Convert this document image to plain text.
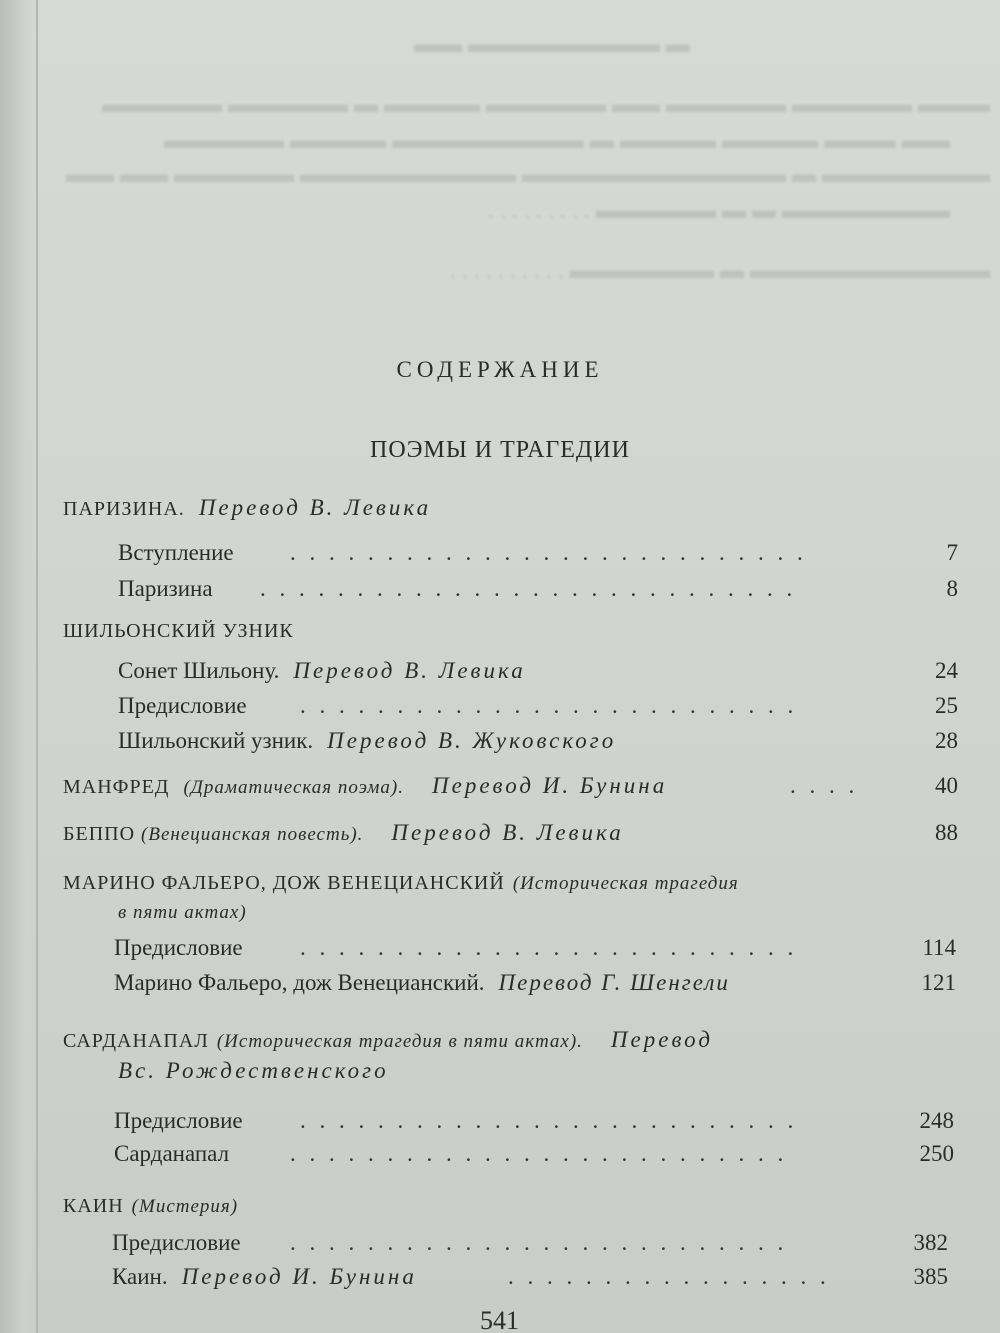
▬ ▬▬▬▬▬▬▬▬ ▬▬
▬▬▬ ▬▬▬▬▬ ▬▬▬▬▬ ▬▬ ▬▬▬▬▬ ▬▬▬▬ ▬ ▬▬▬▬▬ ▬▬▬▬▬
▬▬ ▬▬▬ ▬▬▬▬ ▬▬▬▬ ▬ ▬▬▬▬▬▬▬▬ ▬▬▬▬ ▬▬▬▬▬
▬▬▬▬▬▬▬ ▬ ▬▬▬▬▬▬▬▬▬▬▬ ▬▬▬▬▬▬▬▬▬ ▬▬▬▬▬ ▬▬ ▬▬
▬▬▬▬▬▬▬ ▬ ▬ ▬▬▬▬▬ . . . . . . . . .
▬▬▬▬▬▬▬▬▬▬ ▬ ▬▬▬▬▬▬ . . . . . . . . . .
СОДЕРЖАНИЕ
ПОЭМЫ И ТРАГЕДИИ
ПАРИЗИНА. Перевод В. Левика
Вступление . . . . . . . . . . . . . . . . . . . . . . . . . . .	7
Паризина . . . . . . . . . . . . . . . . . . . . . . . . . . . .	8
ШИЛЬОНСКИЙ УЗНИК
Сонет Шильону. Перевод В. Левика	24
Предисловие . . . . . . . . . . . . . . . . . . . . . . . . . .	25
Шильонский узник. Перевод В. Жуковского	28
МАНФРЕД (Драматическая поэма). Перевод И. Бунина	. . . .	40
БЕППО (Венецианская повесть). Перевод В. Левика	88
МАРИНО ФАЛЬЕРО, ДОЖ ВЕНЕЦИАНСКИЙ (Историческая трагедия
в пяти актах)
Предисловие . . . . . . . . . . . . . . . . . . . . . . . . . .	114
Марино Фальеро, дож Венецианский. Перевод Г. Шенгели	121
САРДАНАПАЛ (Историческая трагедия в пяти актах). Перевод
Вс. Рождественского
Предисловие . . . . . . . . . . . . . . . . . . . . . . . . . .	248
Сарданапал	. . . . . . . . . . . . . . . . . . . . . . . . . .	250
КАИН (Мистерия)
Предисловие . . . . . . . . . . . . . . . . . . . . . . . . . .	382
Каин. Перевод И. Бунина	. . . . . . . . . . . . . . . . .	385
541
